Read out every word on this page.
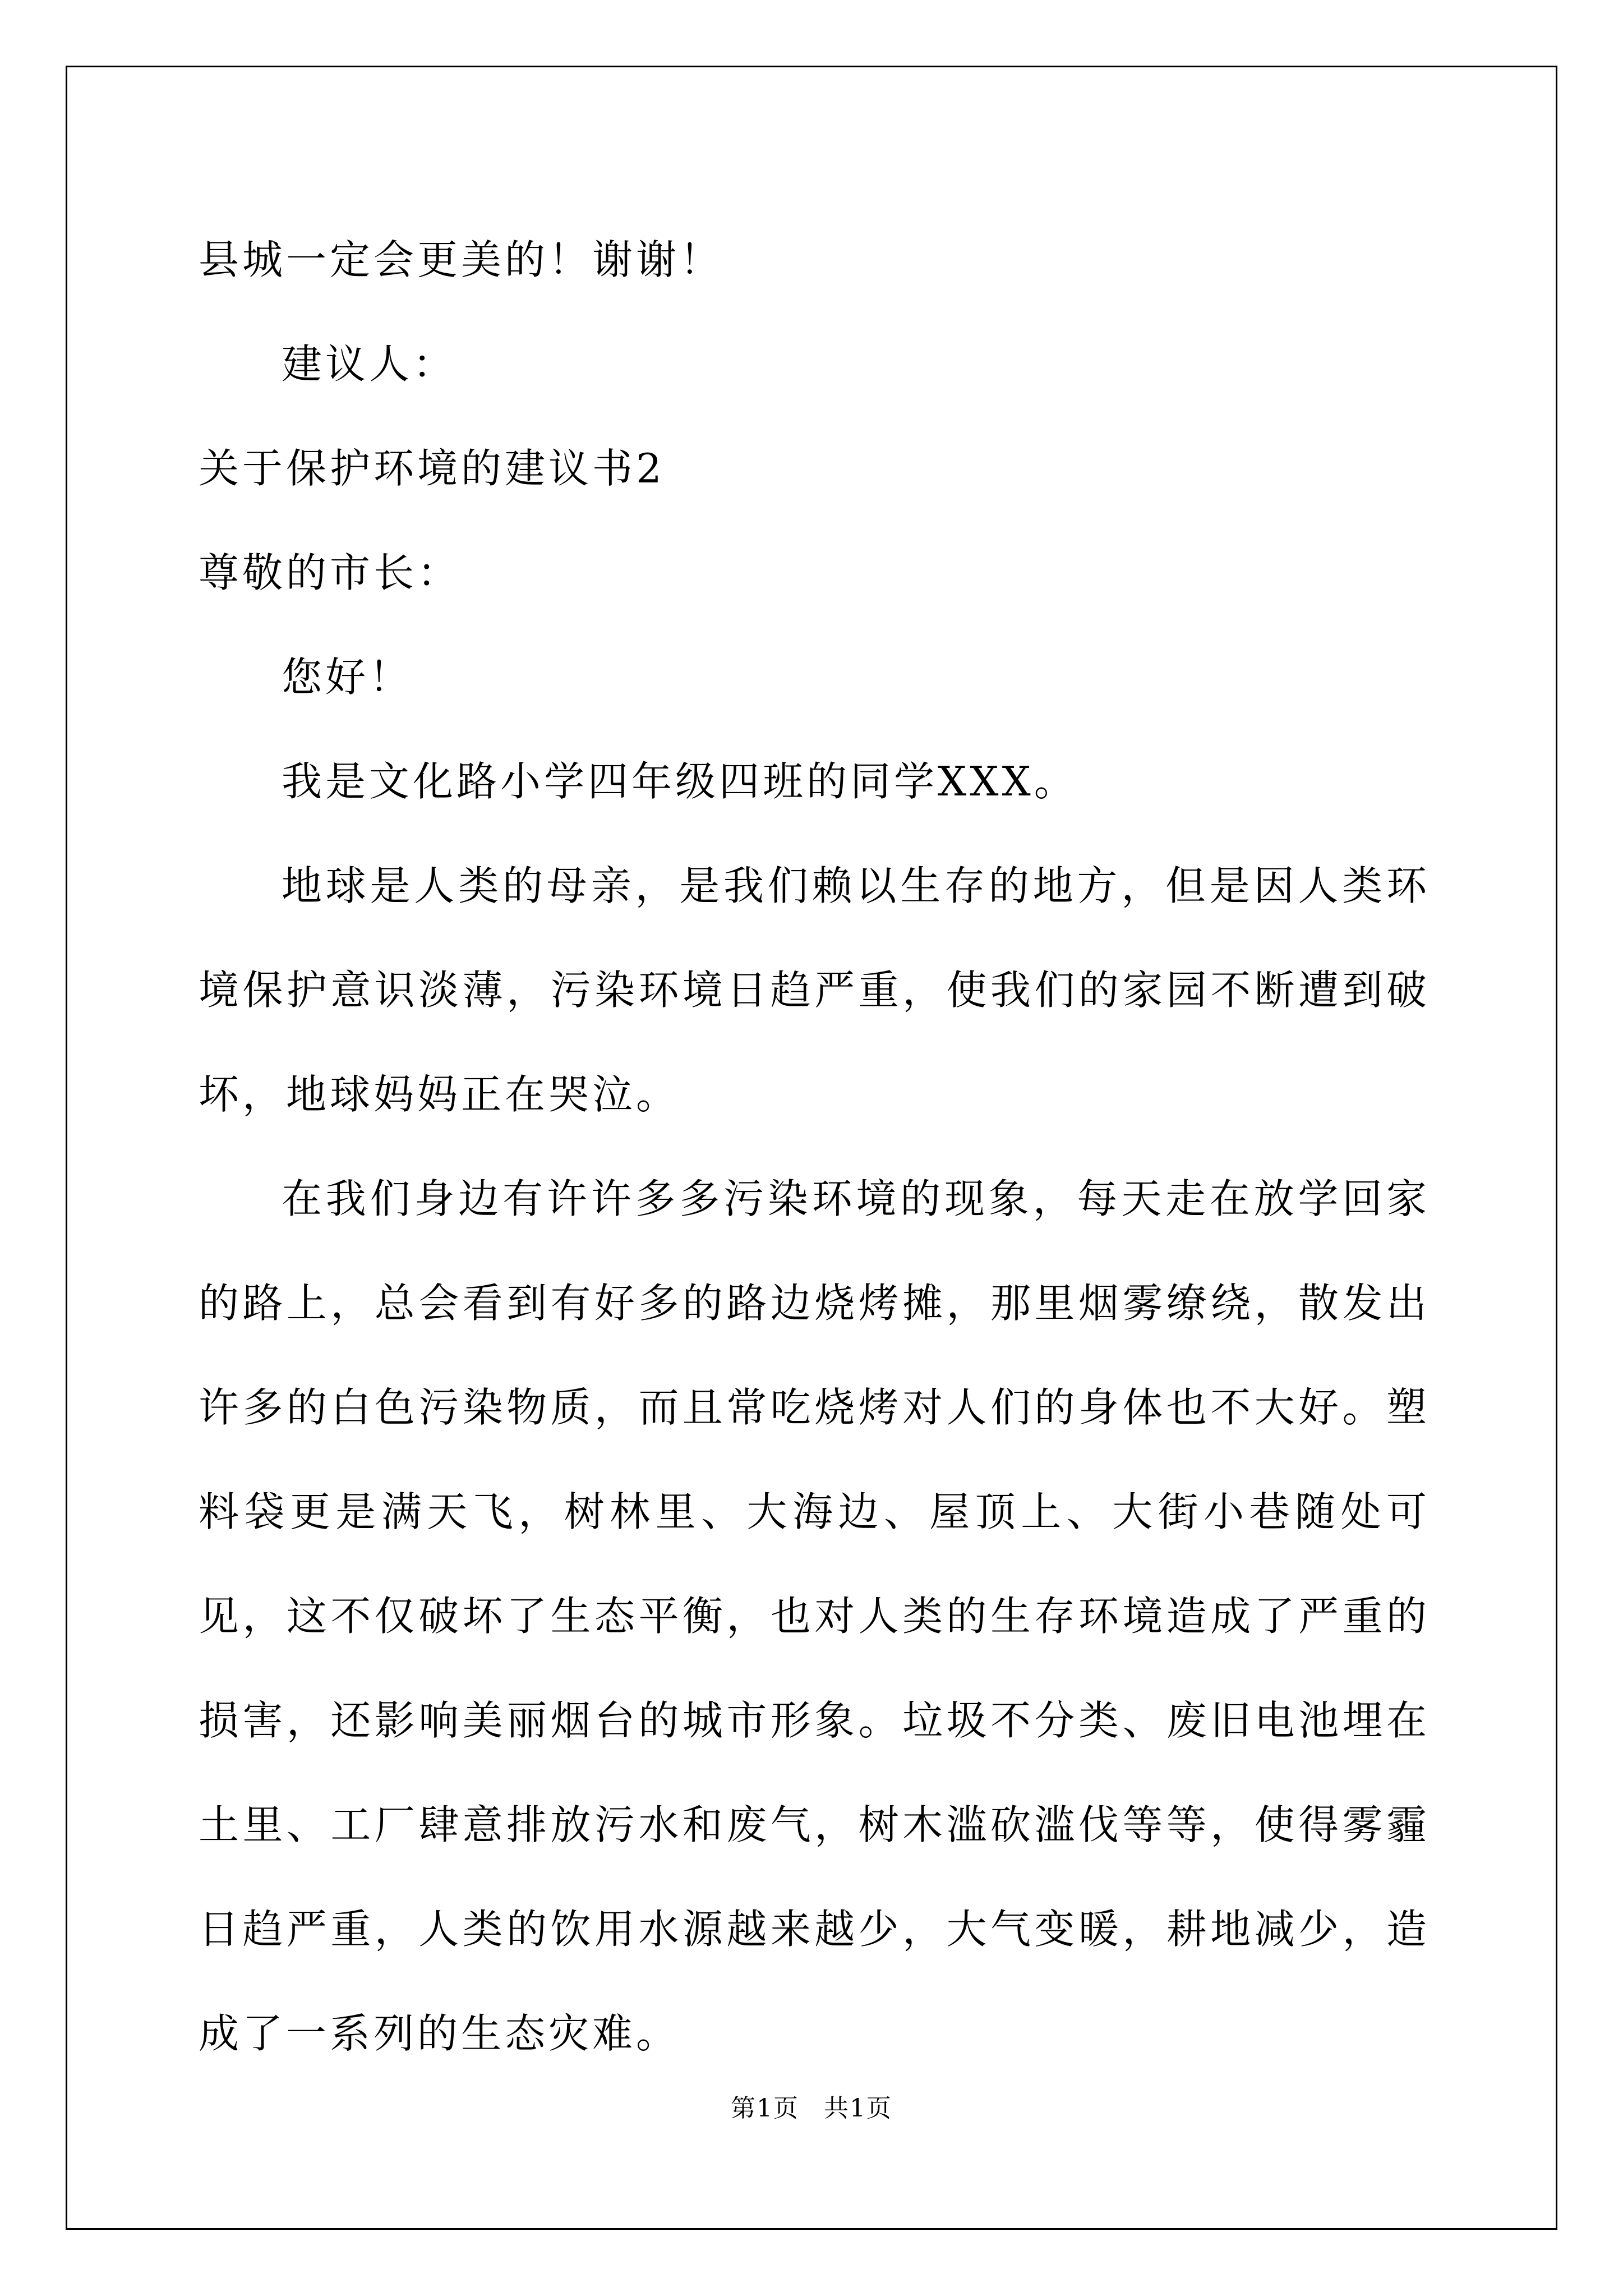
县城一定会更美的！谢谢！

建议人：

关于保护环境的建议书2

尊敬的市长：

您好！

我是文化路小学四年级四班的同学XXX。

地球是人类的母亲，是我们赖以生存的地方，但是因人类环境保护意识淡薄，污染环境日趋严重，使我们的家园不断遭到破坏，地球妈妈正在哭泣。

在我们身边有许许多多污染环境的现象，每天走在放学回家的路上，总会看到有好多的路边烧烤摊，那里烟雾缭绕，散发出许多的白色污染物质，而且常吃烧烤对人们的身体也不大好。塑料袋更是满天飞，树林里、大海边、屋顶上、大街小巷随处可见，这不仅破坏了生态平衡，也对人类的生存环境造成了严重的损害，还影响美丽烟台的城市形象。垃圾不分类、废旧电池埋在土里、工厂肆意排放污水和废气，树木滥砍滥伐等等，使得雾霾日趋严重，人类的饮用水源越来越少，大气变暖，耕地减少，造成了一系列的生态灾难。

第1页 共1页
